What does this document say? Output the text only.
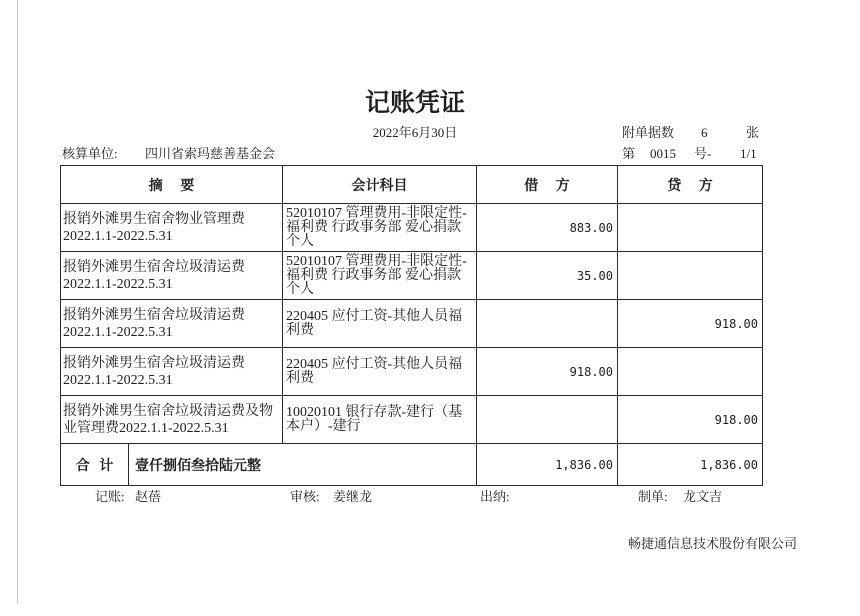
记账凭证
2022年6月30日	附单据数 6	张
核算单位: 四川省索玛慈善基金会	第 0015 号- 1/1
摘 要		会计科目	借 方	贷 方

报销外滩男生宿舍物业管理费2022.1.1-2022.5.31		52010107 管理费用-非限定性-福利费 行政事务部 爱心捐款个人	883.00	

报销外滩男生宿舍垃圾清运费2022.1.1-2022.5.31		52010107 管理费用-非限定性-福利费 行政事务部 爱心捐款个人	35.00	

报销外滩男生宿舍垃圾清运费2022.1.1-2022.5.31		220405 应付工资-其他人员福利费		918.00

报销外滩男生宿舍垃圾清运费2022.1.1-2022.5.31		220405 应付工资-其他人员福利费	918.00	

报销外滩男生宿舍垃圾清运费及物业管理费2022.1.1-2022.5.31		10020101 银行存款-建行（基本户）-建行		918.00

合 计	壹仟捌佰叁拾陆元整		1,836.00	1,836.00
记账: 赵蓓	审核: 姜继龙	出纳:	制单: 龙文吉
畅捷通信息技术股份有限公司
